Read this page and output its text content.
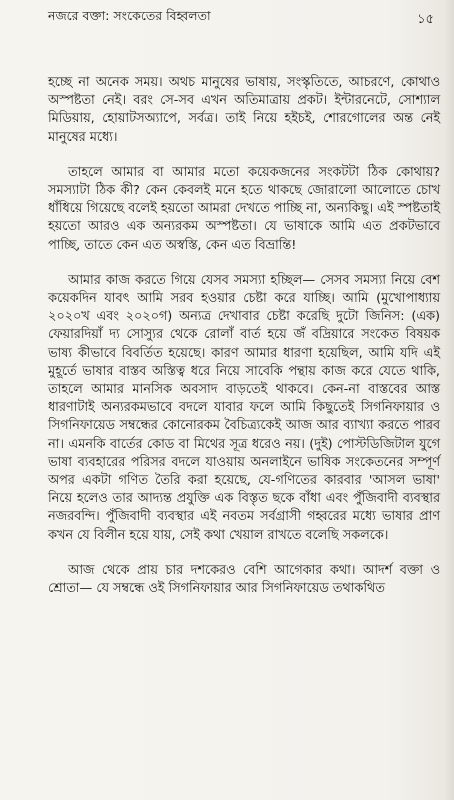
নজরে বক্তা: সংকেতের বিহ্বলতা	১৫

হচ্ছে না অনেক সময়। অথচ মানুষের ভাষায়, সংস্কৃতিতে, আচরণে, কোথাও অস্পষ্টতা নেই। বরং সে-সব এখন অতিমাত্রায় প্রকট। ইন্টারনেটে, সোশ্যাল মিডিয়ায়, হোয়াটসঅ্যাপে, সর্বত্র। তাই নিয়ে হইচই, শোরগোলের অন্ত নেই মানুষের মধ্যে।

তাহলে আমার বা আমার মতো কয়েকজনের সংকটটা ঠিক কোথায়? সমস্যাটা ঠিক কী? কেন কেবলই মনে হতে থাকছে জোরালো আলোতে চোখ ধাঁধিয়ে গিয়েছে বলেই হয়তো আমরা দেখতে পাচ্ছি না, অন্যকিছু। এই স্পষ্টতাই হয়তো আরও এক অন্যরকম অস্পষ্টতা। যে ভাষাকে আমি এত প্রকটভাবে পাচ্ছি, তাতে কেন এত অস্বস্তি, কেন এত বিভ্রান্তি!

আমার কাজ করতে গিয়ে যেসব সমস্যা হচ্ছিল— সেসব সমস্যা নিয়ে বেশ কয়েকদিন যাবৎ আমি সরব হওয়ার চেষ্টা করে যাচ্ছি। আমি (মুখোপাধ্যায় ২০২০খ এবং ২০২০গ) অন্যত্র দেখাবার চেষ্টা করেছি দুটো জিনিস: (এক) ফেয়ারদিয়াঁ দ্য সোস্যুর থেকে রোলাঁ বার্ত হয়ে জঁ বদ্রিয়ারে সংকেত বিষয়ক ভাষ্য কীভাবে বিবর্তিত হয়েছে। কারণ আমার ধারণা হয়েছিল, আমি যদি এই মুহূর্তে ভাষার বাস্তব অস্তিত্ব ধরে নিয়ে সাবেকি পন্থায় কাজ করে যেতে থাকি, তাহলে আমার মানসিক অবসাদ বাড়তেই থাকবে। কেন-না বাস্তবের আস্ত ধারণাটাই অন্যরকমভাবে বদলে যাবার ফলে আমি কিছুতেই সিগনিফায়ার ও সিগনিফায়েড সম্বন্ধের কোনোরকম বৈচিত্র্যকেই আজ আর ব্যাখ্যা করতে পারব না। এমনকি বার্তের কোড বা মিথের সূত্র ধরেও নয়। (দুই) পোস্টডিজিটাল যুগে ভাষা ব্যবহারের পরিসর বদলে যাওয়ায় অনলাইনে ভাষিক সংকেতনের সম্পূর্ণ অপর একটা গণিত তৈরি করা হয়েছে, যে-গণিতের কারবার 'আসল ভাষা' নিয়ে হলেও তার আদ্যন্ত প্রযুক্তি এক বিস্তৃত ছকে বাঁধা এবং পুঁজিবাদী ব্যবস্থার নজরবন্দি। পুঁজিবাদী ব্যবস্থার এই নবতম সর্বগ্রাসী গহ্বরের মধ্যে ভাষার প্রাণ কখন যে বিলীন হয়ে যায়, সেই কথা খেয়াল রাখতে বলেছি সকলকে।

আজ থেকে প্রায় চার দশকেরও বেশি আগেকার কথা। আদর্শ বক্তা ও শ্রোতা— যে সম্বন্ধে ওই সিগনিফায়ার আর সিগনিফায়েড তথাকথিত
